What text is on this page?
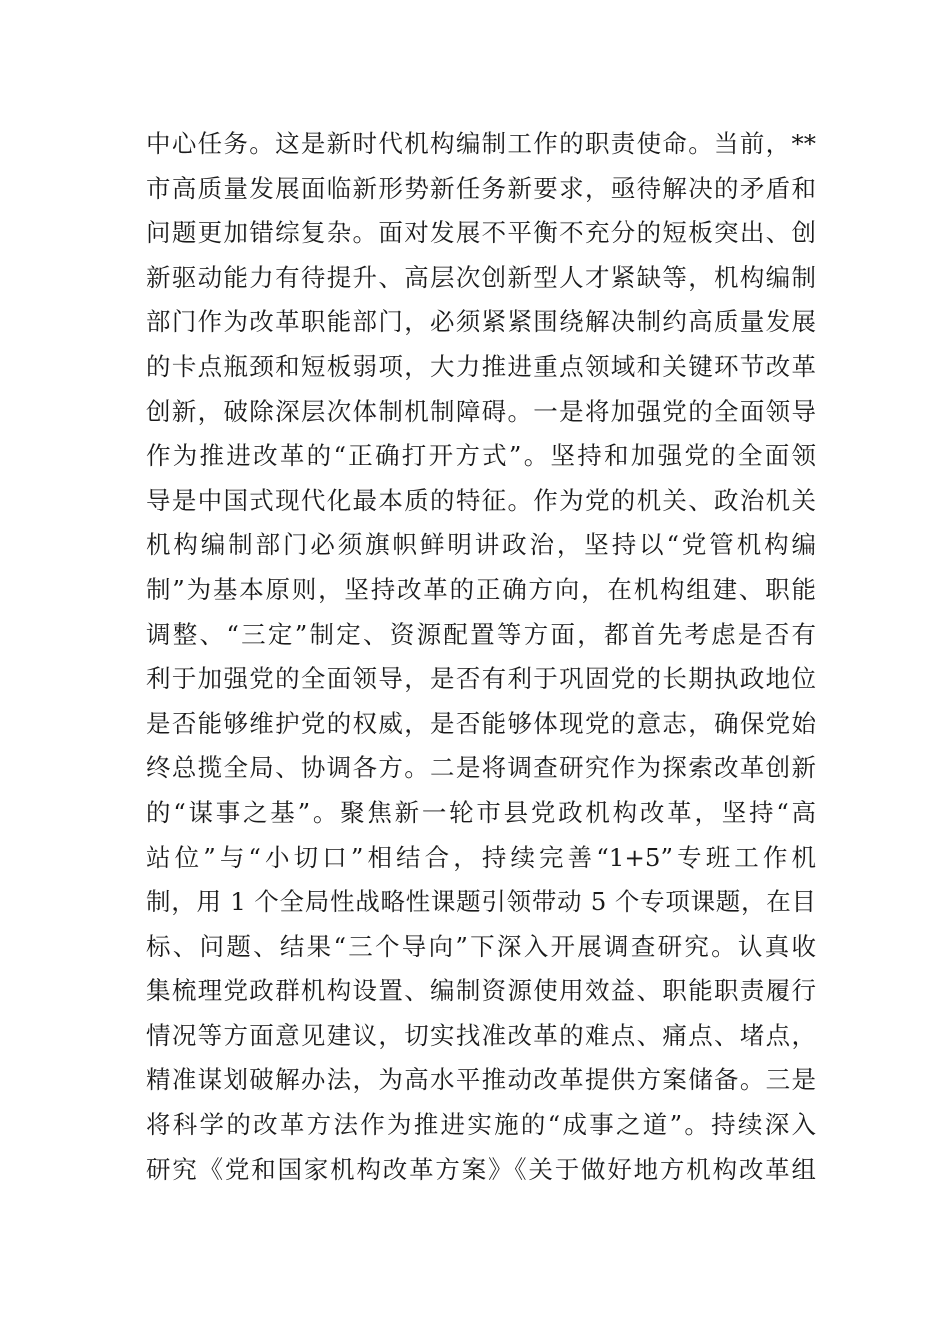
中心任务。这是新时代机构编制工作的职责使命。当前，**
市高质量发展面临新形势新任务新要求，亟待解决的矛盾和
问题更加错综复杂。面对发展不平衡不充分的短板突出、创
新驱动能力有待提升、高层次创新型人才紧缺等，机构编制
部门作为改革职能部门，必须紧紧围绕解决制约高质量发展
的卡点瓶颈和短板弱项，大力推进重点领域和关键环节改革
创新，破除深层次体制机制障碍。一是将加强党的全面领导
作为推进改革的“正确打开方式”。坚持和加强党的全面领
导是中国式现代化最本质的特征。作为党的机关、政治机关
机构编制部门必须旗帜鲜明讲政治，坚持以“党管机构编
制”为基本原则，坚持改革的正确方向，在机构组建、职能
调整、“三定”制定、资源配置等方面，都首先考虑是否有
利于加强党的全面领导，是否有利于巩固党的长期执政地位
是否能够维护党的权威，是否能够体现党的意志，确保党始
终总揽全局、协调各方。二是将调查研究作为探索改革创新
的“谋事之基”。聚焦新一轮市县党政机构改革，坚持“高
站位”与“小切口”相结合，持续完善“1+5”专班工作机
制，用 1 个全局性战略性课题引领带动 5 个专项课题，在目
标、问题、结果“三个导向”下深入开展调查研究。认真收
集梳理党政群机构设置、编制资源使用效益、职能职责履行
情况等方面意见建议，切实找准改革的难点、痛点、堵点，
精准谋划破解办法，为高水平推动改革提供方案储备。三是
将科学的改革方法作为推进实施的“成事之道”。持续深入
研究《党和国家机构改革方案》《关于做好地方机构改革组
